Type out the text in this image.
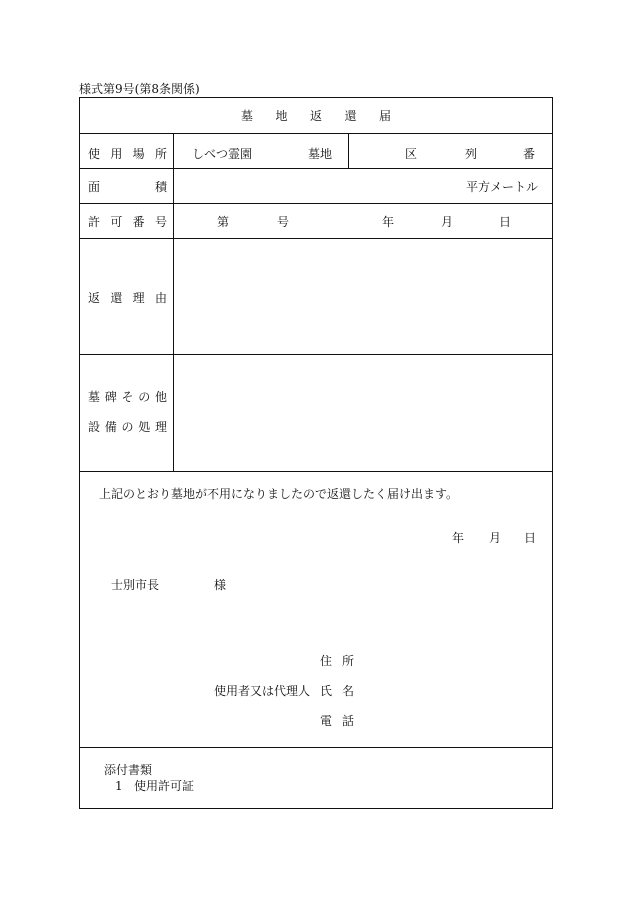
様式第9号(第8条関係)
墓 地 返 還 届
使 用 場 所 しべつ霊園	墓地	区	列	番
面	積	平方メートル
許 可 番 号	第	号	年	月	日
返 還 理 由
墓 碑 そ の 他
設 備 の 処 理
上記のとおり墓地が不用になりましたので返還したく届け出ます。
年 月 日
士別市長	様
住 所
使用者又は代理人 氏 名
電 話
添付書類
1 使用許可証
